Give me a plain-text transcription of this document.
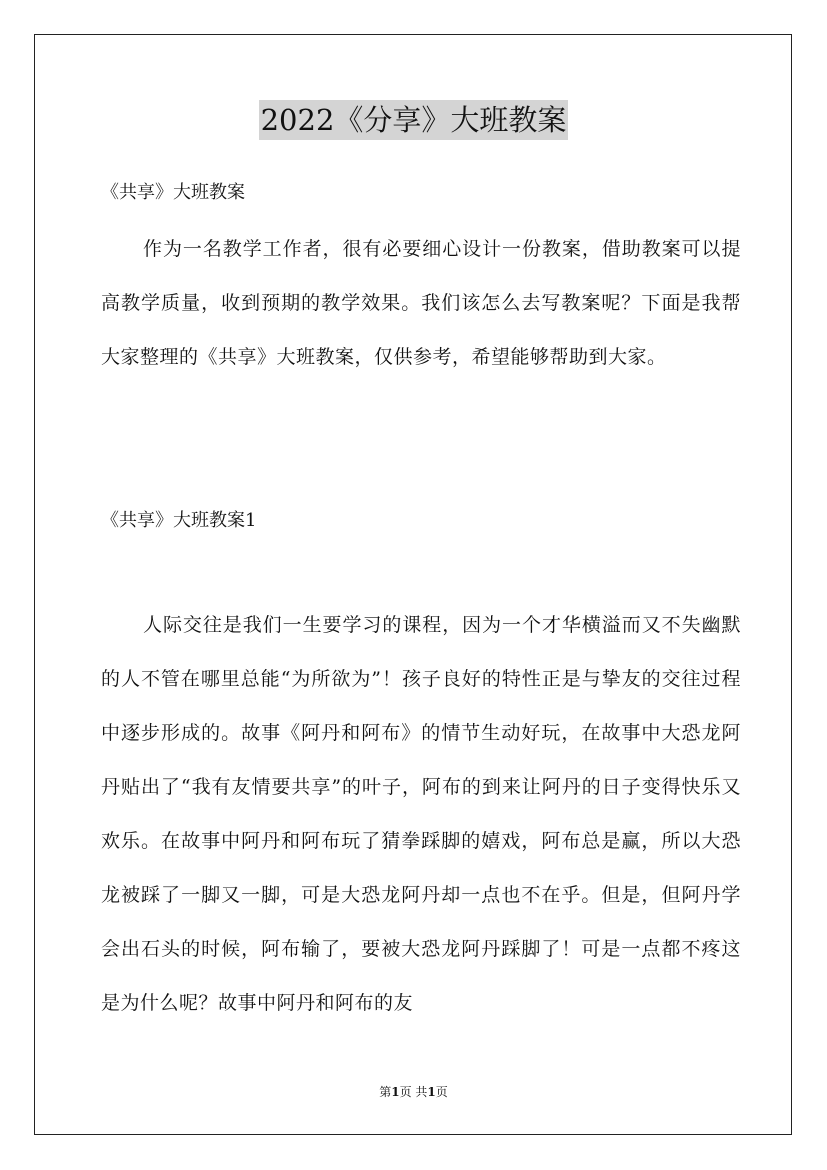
2022《分享》大班教案
《共享》大班教案

作为一名教学工作者，很有必要细心设计一份教案，借助教案可以提高教学质量，收到预期的教学效果。我们该怎么去写教案呢？下面是我帮大家整理的《共享》大班教案，仅供参考，希望能够帮助到大家。

《共享》大班教案1

人际交往是我们一生要学习的课程，因为一个才华横溢而又不失幽默的人不管在哪里总能“为所欲为”！孩子良好的特性正是与挚友的交往过程中逐步形成的。故事《阿丹和阿布》的情节生动好玩，在故事中大恐龙阿丹贴出了“我有友情要共享”的叶子，阿布的到来让阿丹的日子变得快乐又欢乐。在故事中阿丹和阿布玩了猜拳踩脚的嬉戏，阿布总是赢，所以大恐龙被踩了一脚又一脚，可是大恐龙阿丹却一点也不在乎。但是，但阿丹学会出石头的时候，阿布输了，要被大恐龙阿丹踩脚了！可是一点都不疼这是为什么呢？故事中阿丹和阿布的友

第1页 共1页
